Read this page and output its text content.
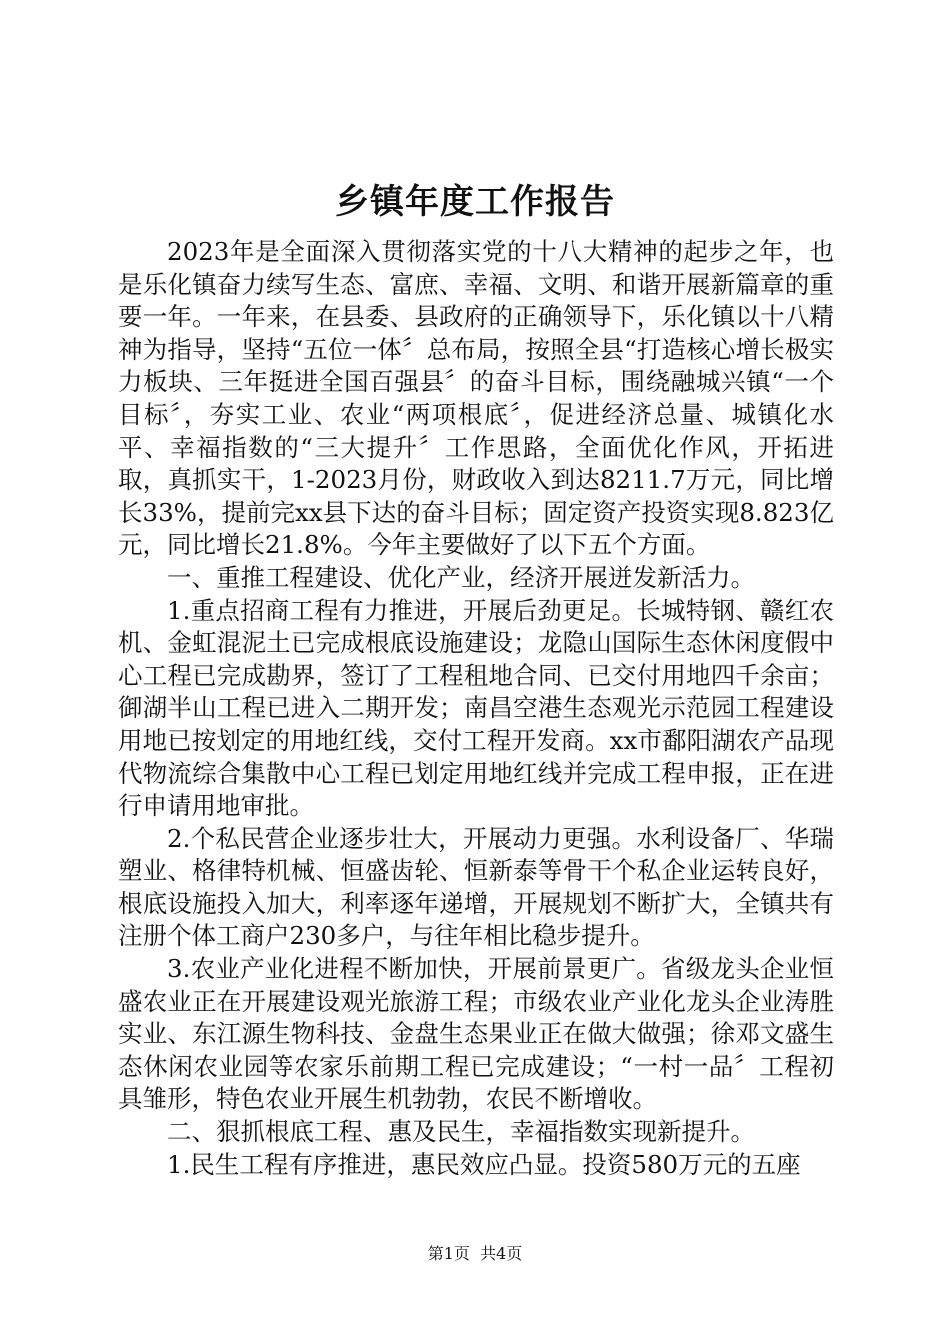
乡镇年度工作报告

2023年是全面深入贯彻落实党的十八大精神的起步之年，也是乐化镇奋力续写生态、富庶、幸福、文明、和谐开展新篇章的重要一年。一年来，在县委、县政府的正确领导下，乐化镇以十八精神为指导，坚持“五位一体〞总布局，按照全县“打造核心增长极实力板块、三年挺进全国百强县〞的奋斗目标，围绕融城兴镇“一个目标〞，夯实工业、农业“两项根底〞，促进经济总量、城镇化水平、幸福指数的“三大提升〞工作思路，全面优化作风，开拓进取，真抓实干，1-2023月份，财政收入到达8211.7万元，同比增长33%，提前完xx县下达的奋斗目标；固定资产投资实现8.823亿元，同比增长21.8%。今年主要做好了以下五个方面。

一、重推工程建设、优化产业，经济开展迸发新活力。

1.重点招商工程有力推进，开展后劲更足。长城特钢、赣红农机、金虹混泥土已完成根底设施建设；龙隐山国际生态休闲度假中心工程已完成勘界，签订了工程租地合同、已交付用地四千余亩；御湖半山工程已进入二期开发；南昌空港生态观光示范园工程建设用地已按划定的用地红线，交付工程开发商。xx市鄱阳湖农产品现代物流综合集散中心工程已划定用地红线并完成工程申报，正在进行申请用地审批。

2.个私民营企业逐步壮大，开展动力更强。水利设备厂、华瑞塑业、格律特机械、恒盛齿轮、恒新泰等骨干个私企业运转良好，根底设施投入加大，利率逐年递增，开展规划不断扩大，全镇共有注册个体工商户230多户，与往年相比稳步提升。

3.农业产业化进程不断加快，开展前景更广。省级龙头企业恒盛农业正在开展建设观光旅游工程；市级农业产业化龙头企业涛胜实业、东江源生物科技、金盘生态果业正在做大做强；徐邓文盛生态休闲农业园等农家乐前期工程已完成建设；“一村一品〞工程初具雏形，特色农业开展生机勃勃，农民不断增收。

二、狠抓根底工程、惠及民生，幸福指数实现新提升。

1.民生工程有序推进，惠民效应凸显。投资580万元的五座

第1页 共4页
